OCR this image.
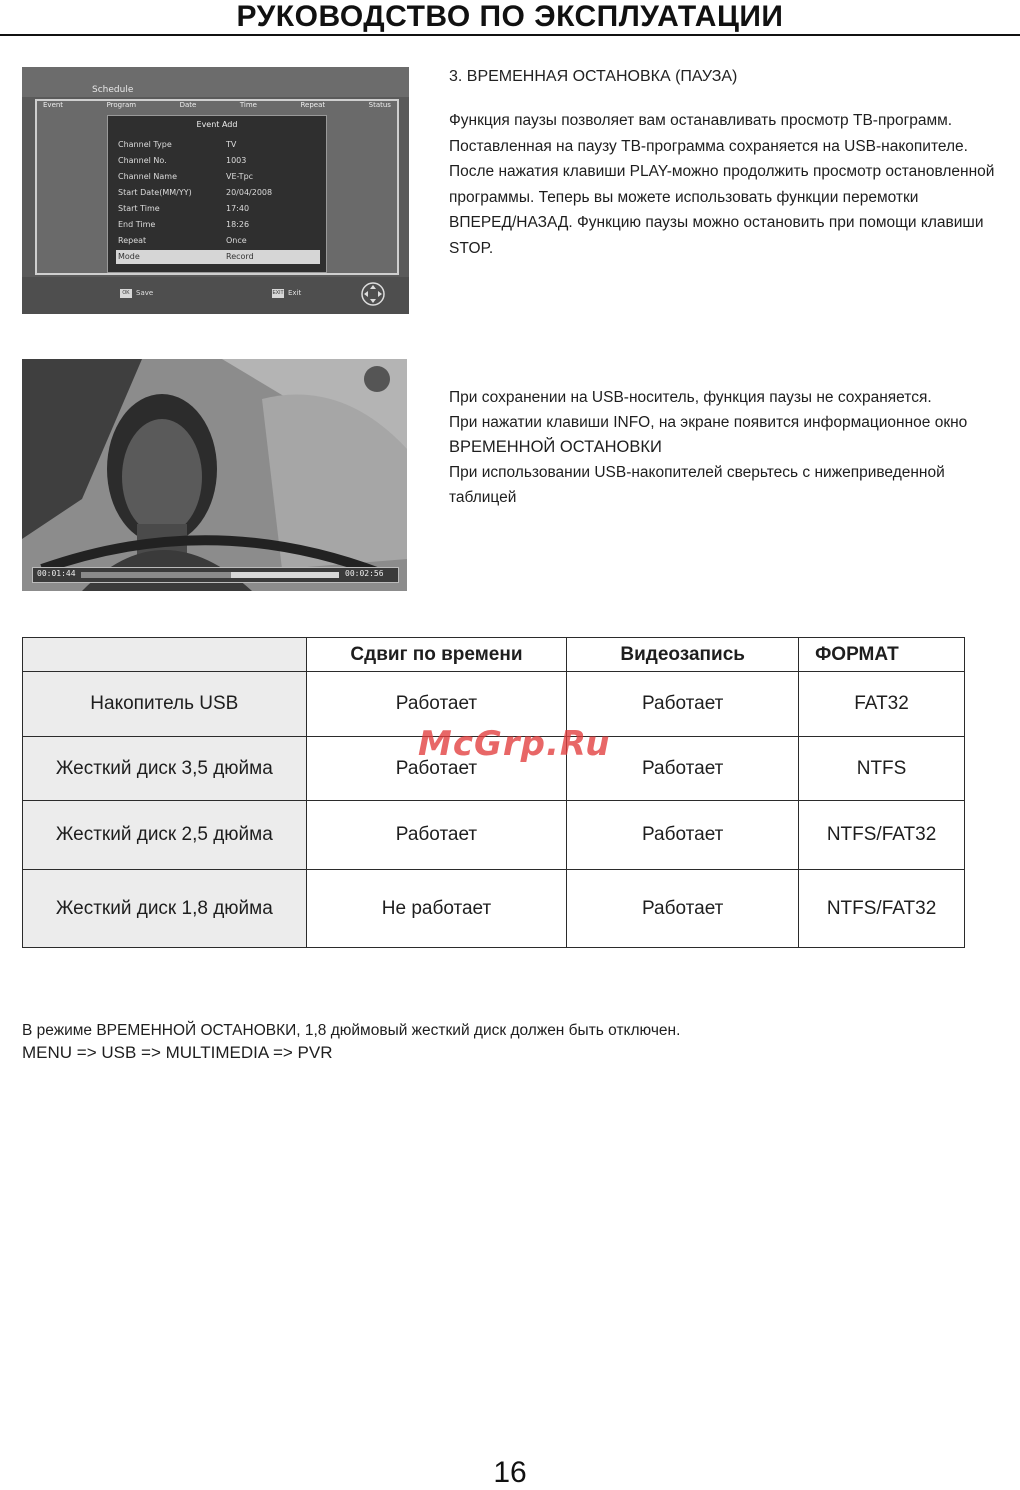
РУКОВОДСТВО ПО ЭКСПЛУАТАЦИИ
Schedule
Event	Program	Date	Time	Repeat	Status
Event Add
Channel Type	TV
Channel No.	1003
Channel Name	VE-Tpc
Start Date(MM/YY)	20/04/2008
Start Time	17:40
End Time	18:26
Repeat	Once
Mode	Record
OK Save	EXIT Exit
3. ВРЕМЕННАЯ ОСТАНОВКА (ПАУЗА)

Функция паузы позволяет вам останавливать просмотр ТВ-программ.

Поставленная на паузу ТВ-программа сохраняется на USB-накопителе.

После нажатия клавиши PLAY-можно продолжить просмотр остановленной

программы. Теперь вы можете использовать функции перемотки

ВПЕРЕД/НАЗАД. Функцию паузы можно остановить при помощи клавиши

STOP.

00:01:44	00:02:56

При сохранении на USB-носитель, функция паузы не сохраняется.

При нажатии клавиши INFO, на экране появится информационное окно

ВРЕМЕННОЙ ОСТАНОВКИ

При использовании USB-накопителей сверьтесь с нижеприведенной таблицей

	Сдвиг по времени	Видеозапись	ФОРМАТ
Накопитель USB	Работает	Работает	FAT32
Жесткий диск 3,5 дюйма	Работает	Работает	NTFS
Жесткий диск 2,5 дюйма	Работает	Работает	NTFS/FAT32
Жесткий диск 1,8 дюйма	Не работает	Работает	NTFS/FAT32
McGrp.Ru

В режиме ВРЕМЕННОЙ ОСТАНОВКИ, 1,8 дюймовый жесткий диск должен быть отключен.

MENU => USB => MULTIMEDIA => PVR

16
